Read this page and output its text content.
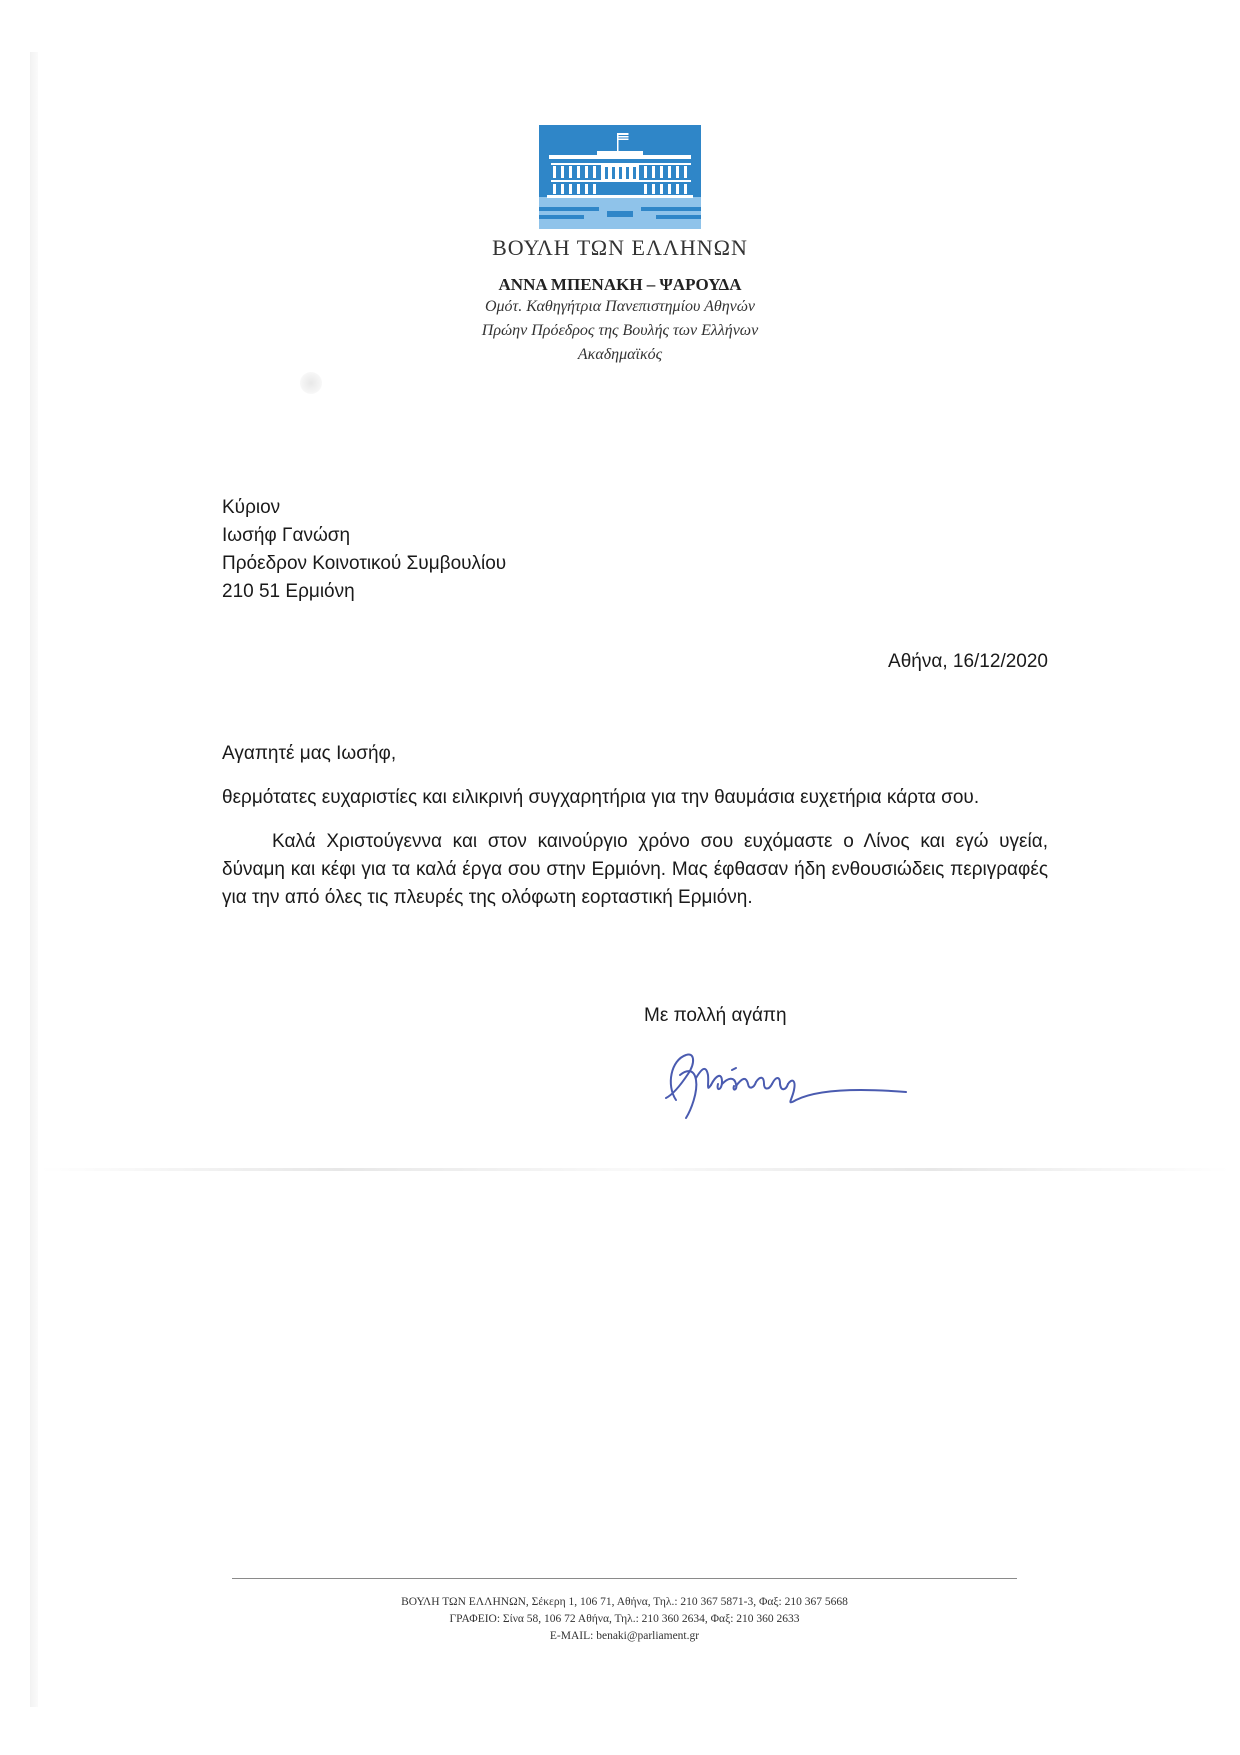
ΒΟΥΛΗ ΤΩΝ ΕΛΛΗΝΩΝ
ΑΝΝΑ ΜΠΕΝΑΚΗ – ΨΑΡΟΥΔΑ
Ομότ. Καθηγήτρια Πανεπιστημίου Αθηνών
Πρώην Πρόεδρος της Βουλής των Ελλήνων
Ακαδημαϊκός
Κύριον
Ιωσήφ Γανώση
Πρόεδρον Κοινοτικού Συμβουλίου
210 51 Ερμιόνη
Αθήνα, 16/12/2020
Αγαπητέ μας Ιωσήφ,
θερμότατες ευχαριστίες και ειλικρινή συγχαρητήρια για την θαυμάσια ευχετήρια κάρτα σου.
Καλά Χριστούγεννα και στον καινούργιο χρόνο σου ευχόμαστε ο Λίνος και εγώ υγεία, δύναμη και κέφι για τα καλά έργα σου στην Ερμιόνη. Μας έφθασαν ήδη ενθουσιώδεις περιγραφές για την από όλες τις πλευρές της ολόφωτη εορταστική Ερμιόνη.
Με πολλή αγάπη
ΒΟΥΛΗ ΤΩΝ ΕΛΛΗΝΩΝ, Σέκερη 1, 106 71, Αθήνα, Τηλ.: 210 367 5871-3, Φαξ: 210 367 5668
ΓΡΑΦΕΙΟ: Σίνα 58, 106 72 Αθήνα, Τηλ.: 210 360 2634, Φαξ: 210 360 2633
E-MAIL: benaki@parliament.gr
